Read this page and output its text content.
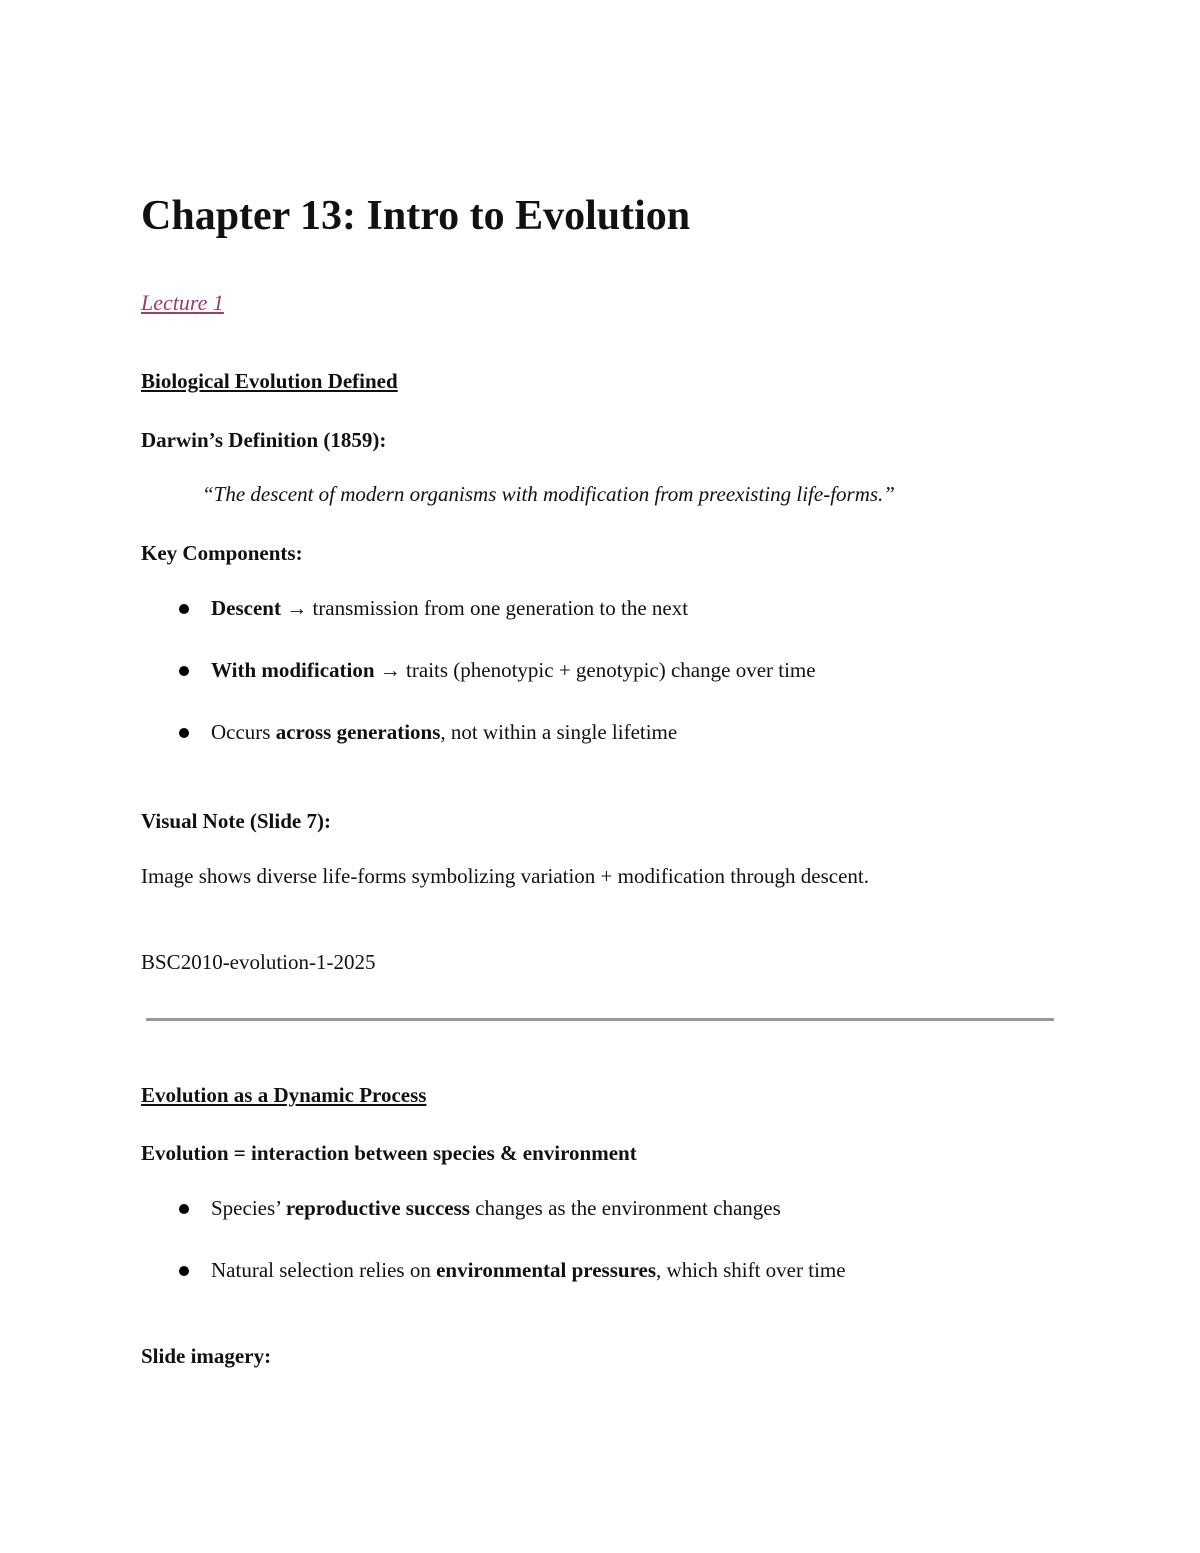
Chapter 13: Intro to Evolution
Lecture 1
Biological Evolution Defined
Darwin’s Definition (1859):
“The descent of modern organisms with modification from preexisting life-forms.”
Key Components:
Descent → transmission from one generation to the next
With modification → traits (phenotypic + genotypic) change over time
Occurs across generations, not within a single lifetime
Visual Note (Slide 7):
Image shows diverse life-forms symbolizing variation + modification through descent.
BSC2010-evolution-1-2025
Evolution as a Dynamic Process
Evolution = interaction between species & environment
Species’ reproductive success changes as the environment changes
Natural selection relies on environmental pressures, which shift over time
Slide imagery:
